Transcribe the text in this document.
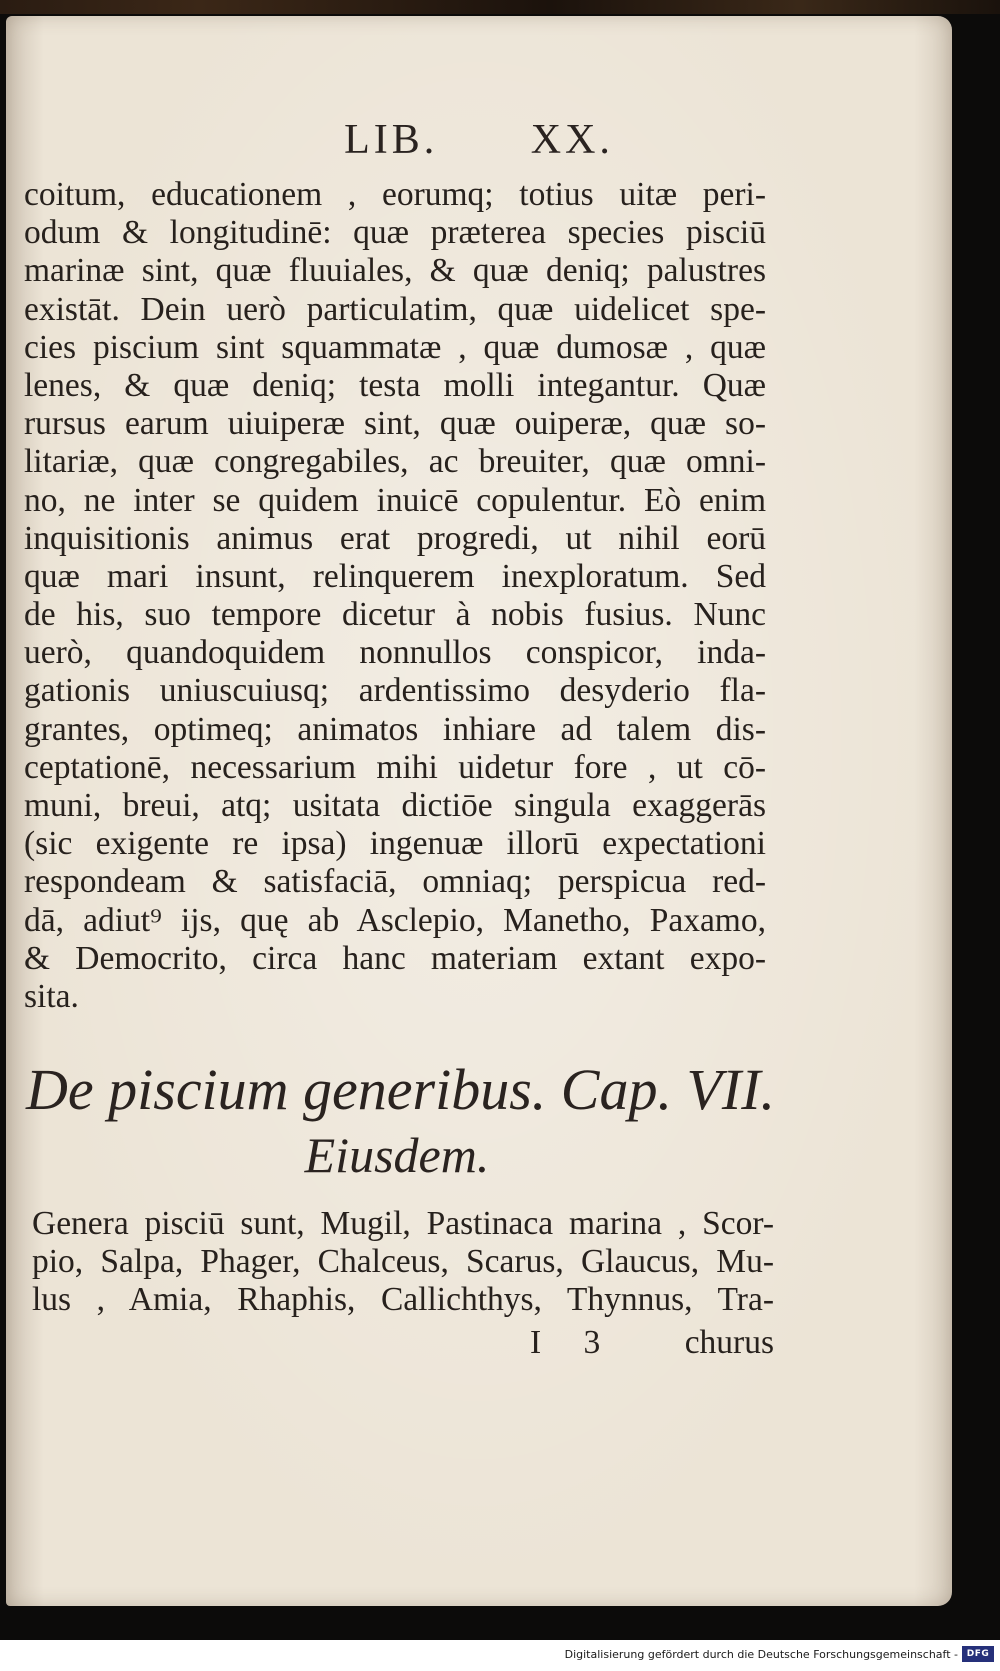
LIB. XX.
coitum, educationem , eorumq; totius uitæ peri-
odum & longitudinē: quæ præterea species pisciū
marinæ sint, quæ fluuiales, & quæ deniq; palustres
existāt. Dein uerò particulatim, quæ uidelicet spe-
cies piscium sint squammatæ , quæ dumosæ , quæ
lenes, & quæ deniq; testa molli integantur. Quæ
rursus earum uiuiperæ sint, quæ ouiperæ, quæ so-
litariæ, quæ congregabiles, ac breuiter, quæ omni-
no, ne inter se quidem inuicē copulentur. Eò enim
inquisitionis animus erat progredi, ut nihil eorū
quæ mari insunt, relinquerem inexploratum. Sed
de his, suo tempore dicetur à nobis fusius. Nunc
uerò, quandoquidem nonnullos conspicor, inda-
gationis uniuscuiusq; ardentissimo desyderio fla-
grantes, optimeq; animatos inhiare ad talem dis-
ceptationē, necessarium mihi uidetur fore , ut cō-
muni, breui, atq; usitata dictiōe singula exaggerās
(sic exigente re ipsa) ingenuæ illorū expectationi
respondeam & satisfaciā, omniaq; perspicua red-
dā, adiut⁹ ijs, quę ab Asclepio, Manetho, Paxamo,
& Democrito, circa hanc materiam extant expo-
sita.
De piscium generibus. Cap. VII.
Eiusdem.
Genera pisciū sunt, Mugil, Pastinaca marina , Scor-
pio, Salpa, Phager, Chalceus, Scarus, Glaucus, Mu-
lus , Amia, Rhaphis, Callichthys, Thynnus, Tra-
I 3	churus
Digitalisierung gefördert durch die Deutsche Forschungsgemeinschaft - DFG
